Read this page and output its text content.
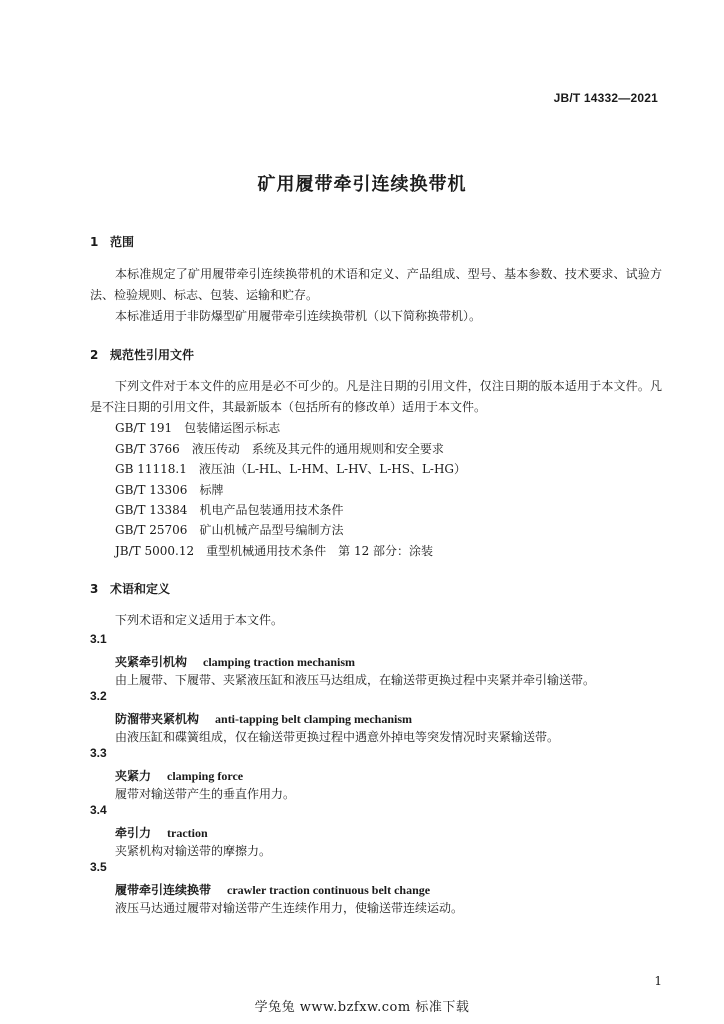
JB/T 14332—2021
矿用履带牵引连续换带机
1 范围
本标准规定了矿用履带牵引连续换带机的术语和定义、产品组成、型号、基本参数、技术要求、试验方法、检验规则、标志、包装、运输和贮存。
本标准适用于非防爆型矿用履带牵引连续换带机（以下简称换带机）。
2 规范性引用文件
下列文件对于本文件的应用是必不可少的。凡是注日期的引用文件，仅注日期的版本适用于本文件。凡是不注日期的引用文件，其最新版本（包括所有的修改单）适用于本文件。
GB/T 191 包装储运图示标志
GB/T 3766 液压传动　系统及其元件的通用规则和安全要求
GB 11118.1 液压油（L-HL、L-HM、L-HV、L-HS、L-HG）
GB/T 13306 标牌
GB/T 13384 机电产品包装通用技术条件
GB/T 25706 矿山机械产品型号编制方法
JB/T 5000.12 重型机械通用技术条件　第 12 部分：涂装
3 术语和定义
下列术语和定义适用于本文件。
3.1
夹紧牵引机构 clamping traction mechanism
由上履带、下履带、夹紧液压缸和液压马达组成，在输送带更换过程中夹紧并牵引输送带。
3.2
防溜带夹紧机构 anti-tapping belt clamping mechanism
由液压缸和碟簧组成，仅在输送带更换过程中遇意外掉电等突发情况时夹紧输送带。
3.3
夹紧力 clamping force
履带对输送带产生的垂直作用力。
3.4
牵引力 traction
夹紧机构对输送带的摩擦力。
3.5
履带牵引连续换带 crawler traction continuous belt change
液压马达通过履带对输送带产生连续作用力，使输送带连续运动。
1
学兔兔 www.bzfxw.com 标准下载
